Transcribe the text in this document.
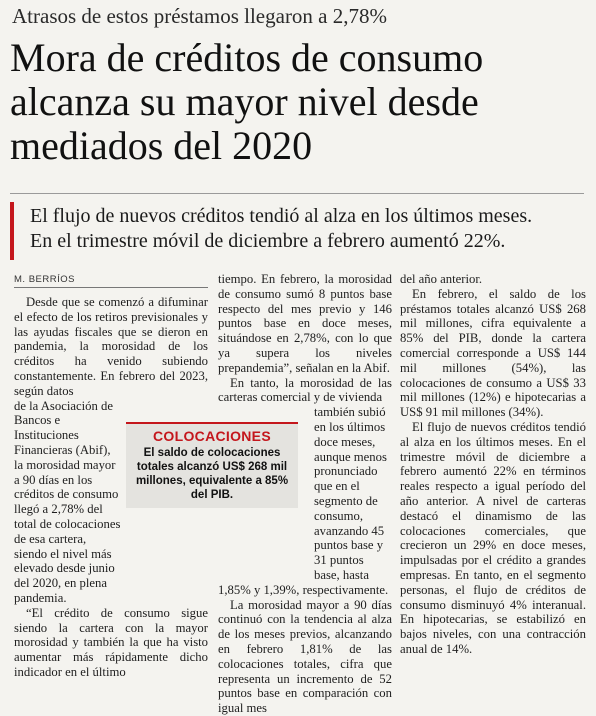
Atrasos de estos préstamos llegaron a 2,78%
Mora de créditos de consumo
alcanza su mayor nivel desde
mediados del 2020
El flujo de nuevos créditos tendió al alza en los últimos meses.
En el trimestre móvil de diciembre a febrero aumentó 22%.
M. BERRÍOS

Desde que se comenzó a difuminar el efecto de los retiros previsionales y las ayudas fiscales que se dieron en pandemia, la morosidad de los créditos ha venido subiendo constantemente. En febrero del 2023, según datos

de la Asociación de Bancos e Instituciones Financieras (Abif), la morosidad mayor a 90 días en los créditos de consumo llegó a 2,78% del total de colocaciones de esa cartera, siendo el nivel más elevado desde junio del 2020, en plena pandemia.

“El crédito de consumo sigue siendo la cartera con la mayor morosidad y también la que ha visto aumentar más rápidamente dicho indicador en el último

tiempo. En febrero, la morosidad de consumo sumó 8 puntos base respecto del mes previo y 146 puntos base en doce meses, situándose en 2,78%, con lo que ya supera los niveles prepandemia”, señalan en la Abif.

En tanto, la morosidad de las carteras comercial y de vivienda

también subió en los últimos doce meses, aunque menos pronunciado que en el segmento de consumo, avanzando 45 puntos base y 31 puntos base, hasta

1,85% y 1,39%, respectivamente.

La morosidad mayor a 90 días continuó con la tendencia al alza de los meses previos, alcanzando en febrero 1,81% de las colocaciones totales, cifra que representa un incremento de 52 puntos base en comparación con igual mes

del año anterior.

En febrero, el saldo de los préstamos totales alcanzó US$ 268 mil millones, cifra equivalente a 85% del PIB, donde la cartera comercial corresponde a US$ 144 mil millones (54%), las colocaciones de consumo a US$ 33 mil millones (12%) e hipotecarias a US$ 91 mil millones (34%).

El flujo de nuevos créditos tendió al alza en los últimos meses. En el trimestre móvil de diciembre a febrero aumentó 22% en términos reales respecto a igual período del año anterior. A nivel de carteras destacó el dinamismo de las colocaciones comerciales, que crecieron un 29% en doce meses, impulsadas por el crédito a grandes empresas. En tanto, en el segmento personas, el flujo de créditos de consumo disminuyó 4% interanual. En hipotecarias, se estabilizó en bajos niveles, con una contracción anual de 14%.

COLOCACIONES
El saldo de colocaciones totales alcanzó US$ 268 mil millones, equivalente a 85% del PIB.
